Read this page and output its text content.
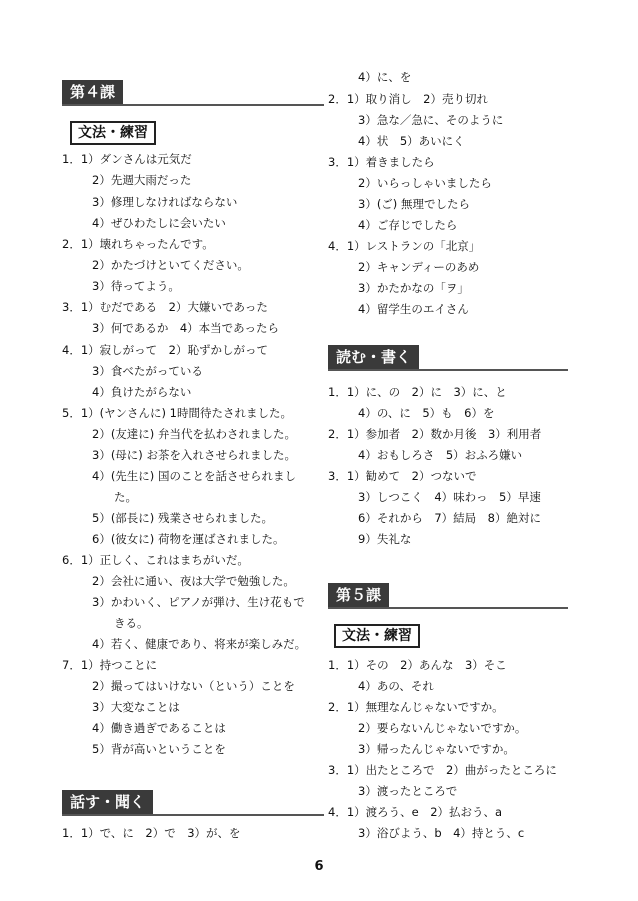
第４課
文法・練習
1．1）ダンさんは元気だ
2）先週大雨だった
3）修理しなければならない
4）ぜひわたしに会いたい
2．1）壊れちゃったんです。
2）かたづけといてください。
3）待ってよう。
3．1）むだである　2）大嫌いであった
3）何であるか　4）本当であったら
4．1）寂しがって　2）恥ずかしがって
3）食べたがっている
4）負けたがらない
5．1）(ヤンさんに) 1時間待たされました。
2）(友達に) 弁当代を払わされました。
3）(母に) お茶を入れさせられました。
4）(先生に) 国のことを話させられまし
た。
5）(部長に) 残業させられました。
6）(彼女に) 荷物を運ばされました。
6．1）正しく、これはまちがいだ。
2）会社に通い、夜は大学で勉強した。
3）かわいく、ピアノが弾け、生け花もで
きる。
4）若く、健康であり、将来が楽しみだ。
7．1）持つことに
2）撮ってはいけない（という）ことを
3）大変なことは
4）働き過ぎであることは
5）背が高いということを
話す・聞く
1．1）で、に　2）で　3）が、を
4）に、を
2．1）取り消し　2）売り切れ
3）急な／急に、そのように
4）状　5）あいにく
3．1）着きましたら
2）いらっしゃいましたら
3）(ご) 無理でしたら
4）ご存じでしたら
4．1）レストランの「北京」
2）キャンディーのあめ
3）かたかなの「ヲ」
4）留学生のエイさん
読む・書く
1．1）に、の　2）に　3）に、と
4）の、に　5）も　6）を
2．1）参加者　2）数か月後　3）利用者
4）おもしろさ　5）おふろ嫌い
3．1）勧めて　2）つないで
3）しつこく　4）味わっ　5）早速
6）それから　7）結局　8）絶対に
9）失礼な
第５課
文法・練習
1．1）その　2）あんな　3）そこ
4）あの、それ
2．1）無理なんじゃないですか。
2）要らないんじゃないですか。
3）帰ったんじゃないですか。
3．1）出たところで　2）曲がったところに
3）渡ったところで
4．1）渡ろう、e　2）払おう、a
3）浴びよう、b　4）持とう、c
6
